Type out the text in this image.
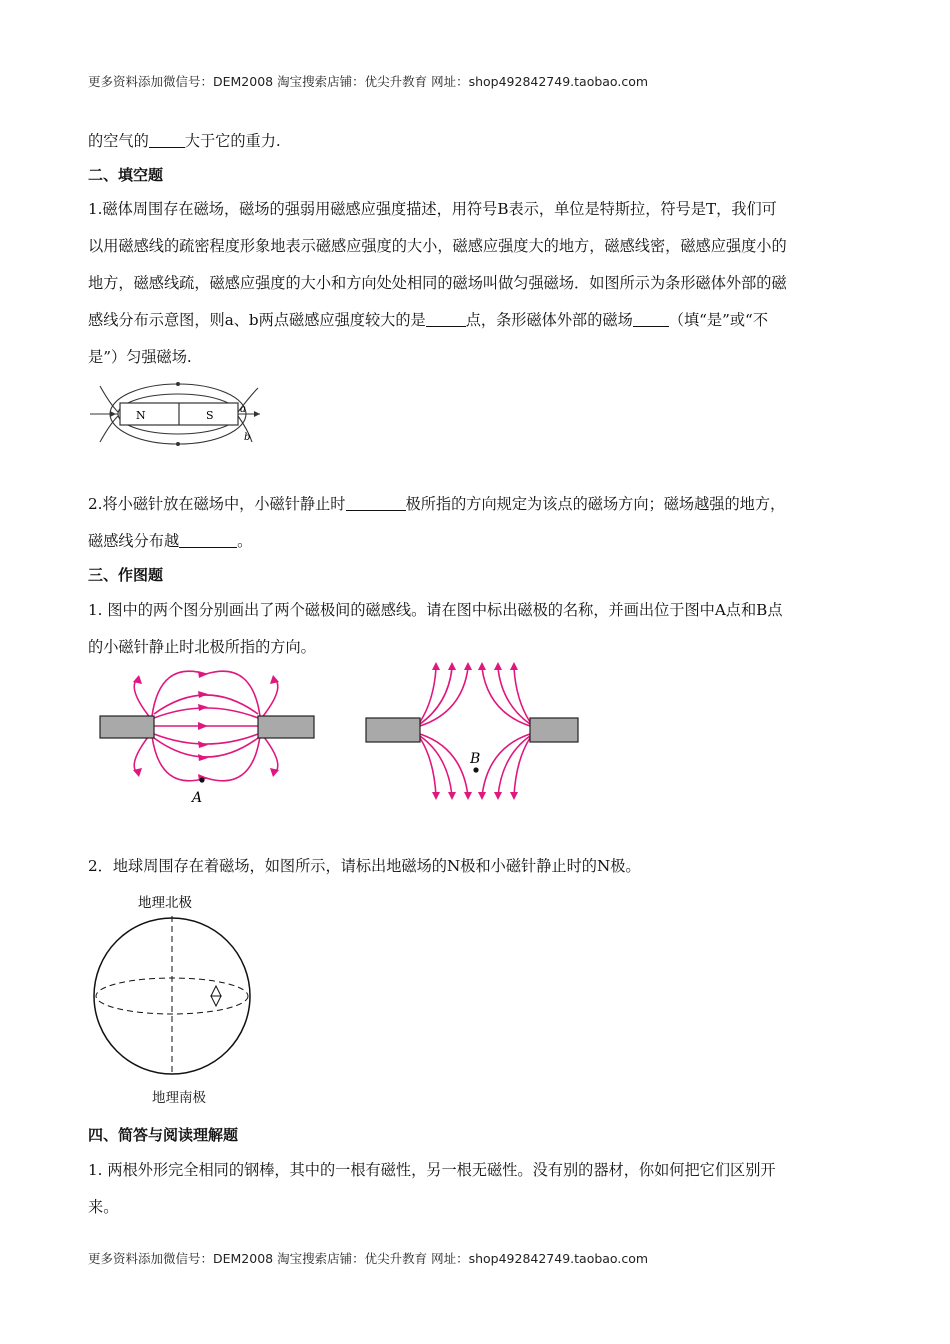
更多资料添加微信号：DEM2008 淘宝搜索店铺：优尖升教育 网址：shop492842749.taobao.com
的空气的 大于它的重力.
二、填空题
1.磁体周围存在磁场，磁场的强弱用磁感应强度描述，用符号B表示，单位是特斯拉，符号是T，我们可
以用磁感线的疏密程度形象地表示磁感应强度的大小，磁感应强度大的地方，磁感线密，磁感应强度小的
地方，磁感线疏，磁感应强度的大小和方向处处相同的磁场叫做匀强磁场．如图所示为条形磁体外部的磁
感线分布示意图，则a、b两点磁感应强度较大的是	点，条形磁体外部的磁场 （填“是”或“不
是”）匀强磁场.
N	S	a
b
2.将小磁针放在磁场中，小磁针静止时	极所指的方向规定为该点的磁场方向；磁场越强的地方，
磁感线分布越	。
三、作图题
1. 图中的两个图分别画出了两个磁极间的磁感线。请在图中标出磁极的名称，并画出位于图中A点和B点
的小磁针静止时北极所指的方向。
A
B
2．地球周围存在着磁场，如图所示，请标出地磁场的N极和小磁针静止时的N极。
地理北极
地理南极
四、简答与阅读理解题
1. 两根外形完全相同的钢棒，其中的一根有磁性，另一根无磁性。没有别的器材，你如何把它们区别开
来。
更多资料添加微信号：DEM2008 淘宝搜索店铺：优尖升教育 网址：shop492842749.taobao.com
